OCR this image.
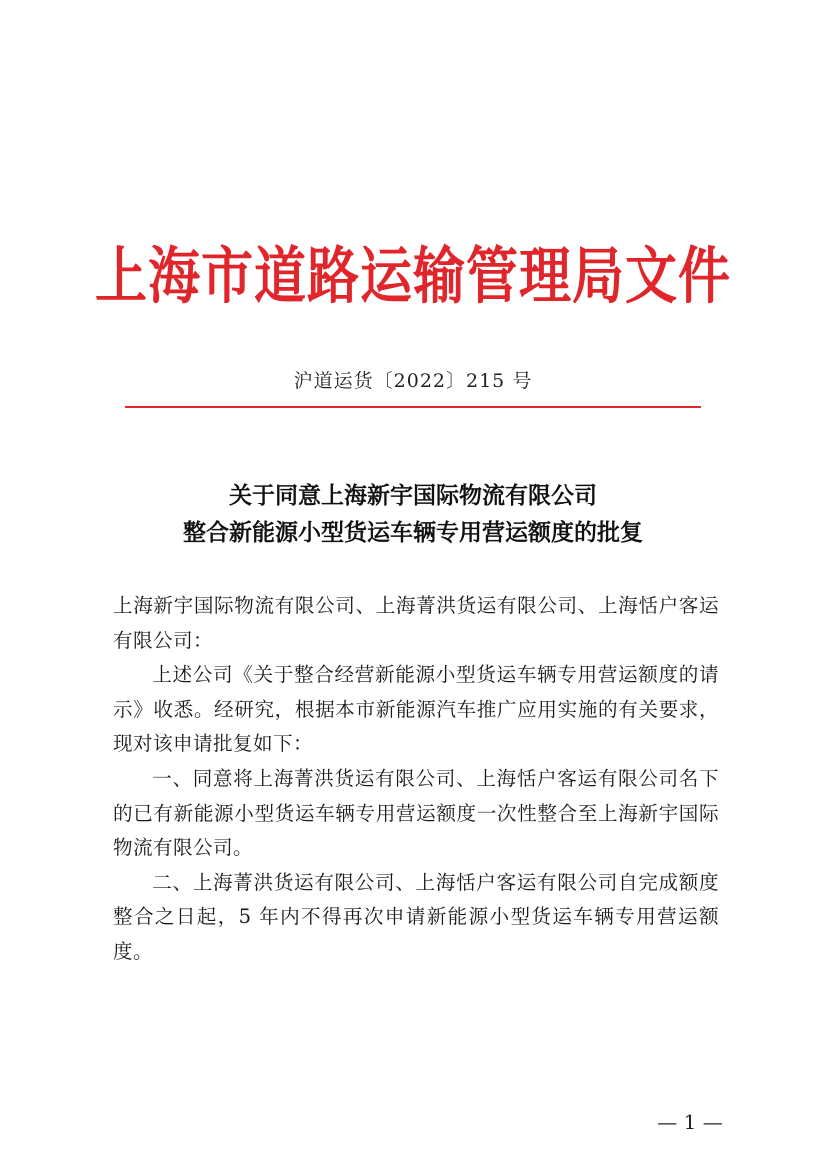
上海市道路运输管理局文件
沪道运货〔2022〕215 号
关于同意上海新宇国际物流有限公司
整合新能源小型货运车辆专用营运额度的批复

上海新宇国际物流有限公司、上海菁洪货运有限公司、上海恬户客运有限公司：

上述公司《关于整合经营新能源小型货运车辆专用营运额度的请示》收悉。经研究，根据本市新能源汽车推广应用实施的有关要求，现对该申请批复如下：

一、同意将上海菁洪货运有限公司、上海恬户客运有限公司名下的已有新能源小型货运车辆专用营运额度一次性整合至上海新宇国际物流有限公司。

二、上海菁洪货运有限公司、上海恬户客运有限公司自完成额度整合之日起，5 年内不得再次申请新能源小型货运车辆专用营运额度。

— 1 —
